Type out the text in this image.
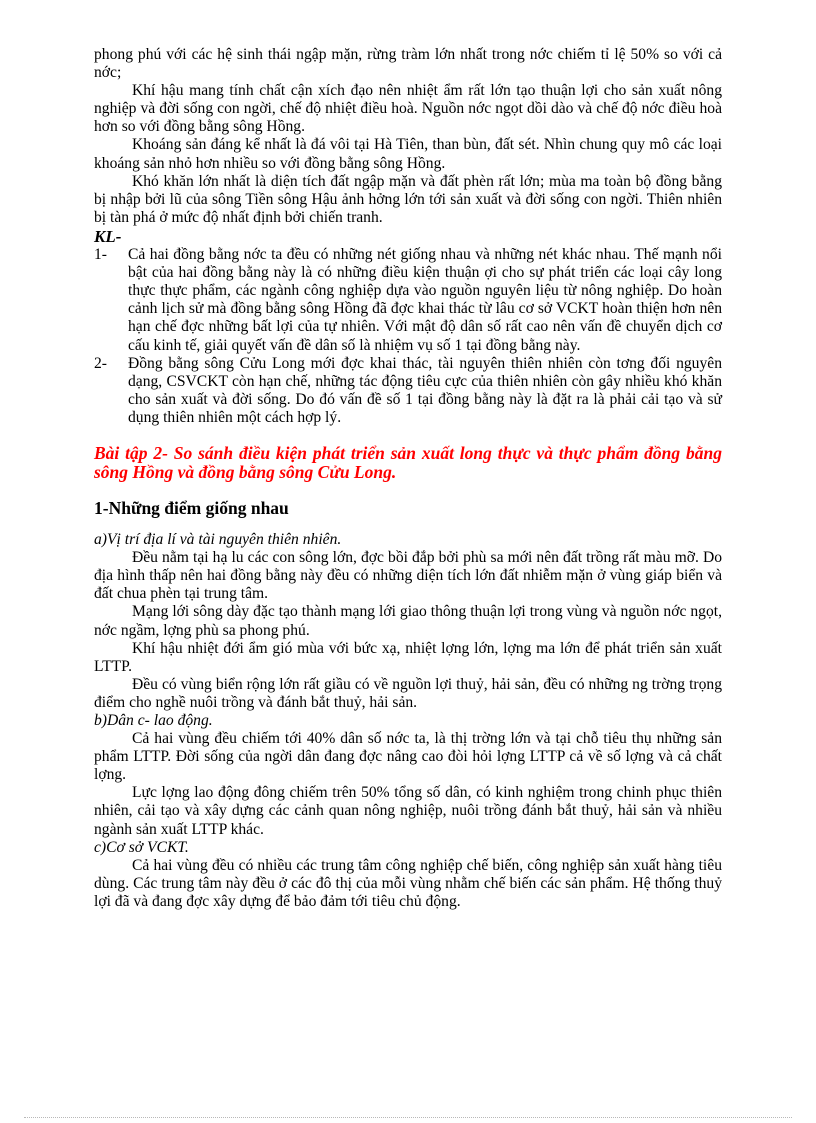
phong phú với các hệ sinh thái ngập mặn, rừng tràm lớn nhất trong nớc chiếm tỉ lệ 50% so với cả nớc;

Khí hậu mang tính chất cận xích đạo nên nhiệt ẩm rất lớn tạo thuận lợi cho sản xuất nông nghiệp và đời sống con ngời, chế độ nhiệt điều hoà. Nguồn nớc ngọt dồi dào và chế độ nớc điều hoà hơn so với đồng bằng sông Hồng.

Khoáng sản đáng kể nhất là đá vôi tại Hà Tiên, than bùn, đất sét. Nhìn chung quy mô các loại khoáng sản nhỏ hơn nhiều so với đồng bằng sông Hồng.

Khó khăn lớn nhất là diện tích đất ngập mặn và đất phèn rất lớn; mùa ma toàn bộ đồng bằng bị nhập bởi lũ của sông Tiền sông Hậu ảnh hởng lớn tới sản xuất và đời sống con ngời. Thiên nhiên bị tàn phá ở mức độ nhất định bởi chiến tranh.

KL-
1-	Cả hai đồng bằng nớc ta đều có những nét giống nhau và những nét khác nhau. Thế mạnh nổi bật của hai đồng bằng này là có những điều kiện thuận ợi cho sự phát triển các loại cây long thực thực phẩm, các ngành công nghiệp dựa vào nguồn nguyên liệu từ nông nghiệp. Do hoàn cảnh lịch sử mà đồng bằng sông Hồng đã đợc khai thác từ lâu cơ sở VCKT hoàn thiện hơn nên hạn chế đợc những bất lợi của tự nhiên. Với mật độ dân số rất cao nên vấn đề chuyển dịch cơ cấu kinh tế, giải quyết vấn đề dân số là nhiệm vụ số 1 tại đồng bằng này.
2-	Đồng bằng sông Cửu Long mới đợc khai thác, tài nguyên thiên nhiên còn tơng đối nguyên dạng, CSVCKT còn hạn chế, những tác động tiêu cực của thiên nhiên còn gây nhiều khó khăn cho sản xuất và đời sống. Do đó vấn đề số 1 tại đồng bằng này là đặt ra là phải cải tạo và sử dụng thiên nhiên một cách hợp lý.

Bài tập 2- So sánh điều kiện phát triển sản xuất long thực và thực phẩm đồng bằng sông Hồng và đồng bằng sông Cửu Long.

1-Những điểm giống nhau
a)Vị trí địa lí và tài nguyên thiên nhiên.

Đều nằm tại hạ lu các con sông lớn, đợc bồi đắp bởi phù sa mới nên đất trồng rất màu mỡ. Do địa hình thấp nên hai đồng bằng này đều có những diện tích lớn đất nhiễm mặn ở vùng giáp biển và đất chua phèn tại trung tâm.

Mạng lới sông dày đặc tạo thành mạng lới giao thông thuận lợi trong vùng và nguồn nớc ngọt, nớc ngầm, lợng phù sa phong phú.

Khí hậu nhiệt đới ẩm gió mùa với bức xạ, nhiệt lợng lớn, lợng ma lớn để phát triển sản xuất LTTP.

Đều có vùng biển rộng lớn rất giầu có về nguồn lợi thuỷ, hải sản, đều có những ng trờng trọng điểm cho nghề nuôi trồng và đánh bắt thuỷ, hải sản.

b)Dân c- lao động.

Cả hai vùng đều chiếm tới 40% dân số nớc ta, là thị trờng lớn và tại chỗ tiêu thụ những sản phẩm LTTP. Đời sống của ngời dân đang đợc nâng cao đòi hỏi lợng LTTP cả về số lợng và cả chất lợng.

Lực lợng lao động đông chiếm trên 50% tổng số dân, có kinh nghiệm trong chinh phục thiên nhiên, cải tạo và xây dựng các cảnh quan nông nghiệp, nuôi trồng đánh bắt thuỷ, hải sản và nhiều ngành sản xuất LTTP khác.

c)Cơ sở VCKT.

Cả hai vùng đều có nhiều các trung tâm công nghiệp chế biến, công nghiệp sản xuất hàng tiêu dùng. Các trung tâm này đều ở các đô thị của mỗi vùng nhằm chế biến các sản phẩm. Hệ thống thuỷ lợi đã và đang đợc xây dựng để bảo đảm tới tiêu chủ động.
